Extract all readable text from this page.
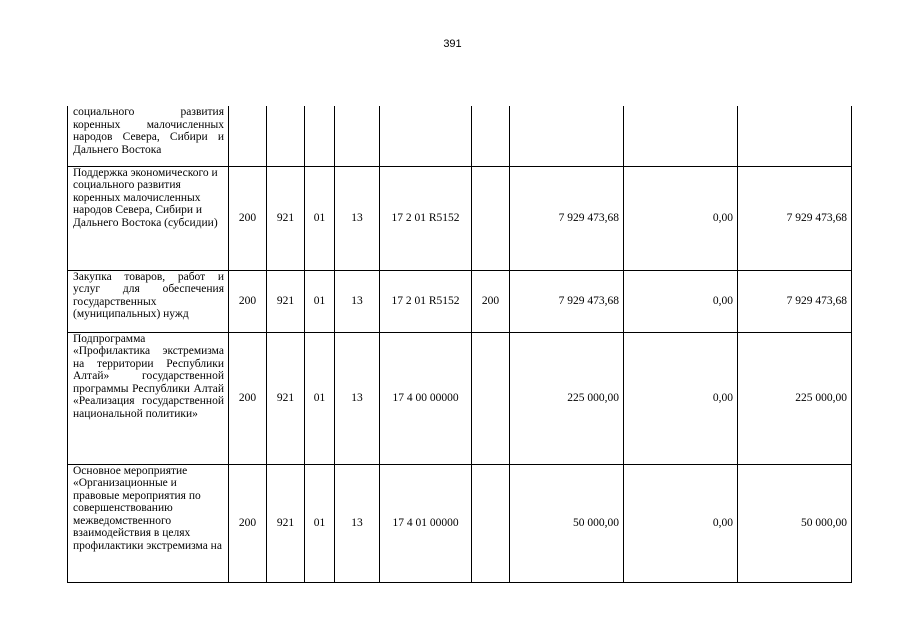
391
социального развития коренных малочисленных народов Севера, Сибири и Дальнего Востока									
Поддержка экономического и социального развития коренных малочисленных народов Севера, Сибири и Дальнего Востока (субсидии)	200	921	01	13	17 2 01 R5152		7 929 473,68	0,00	7 929 473,68
Закупка товаров, работ и услуг для обеспечения государственных (муниципальных) нужд	200	921	01	13	17 2 01 R5152	200	7 929 473,68	0,00	7 929 473,68
Подпрограмма «Профилактика экстремизма на территории Республики Алтай» государственной программы Республики Алтай «Реализация государственной национальной политики»	200	921	01	13	17 4 00 00000		225 000,00	0,00	225 000,00
Основное мероприятие «Организационные и правовые мероприятия по совершенствованию межведомственного взаимодействия в целях профилактики экстремизма на	200	921	01	13	17 4 01 00000		50 000,00	0,00	50 000,00
